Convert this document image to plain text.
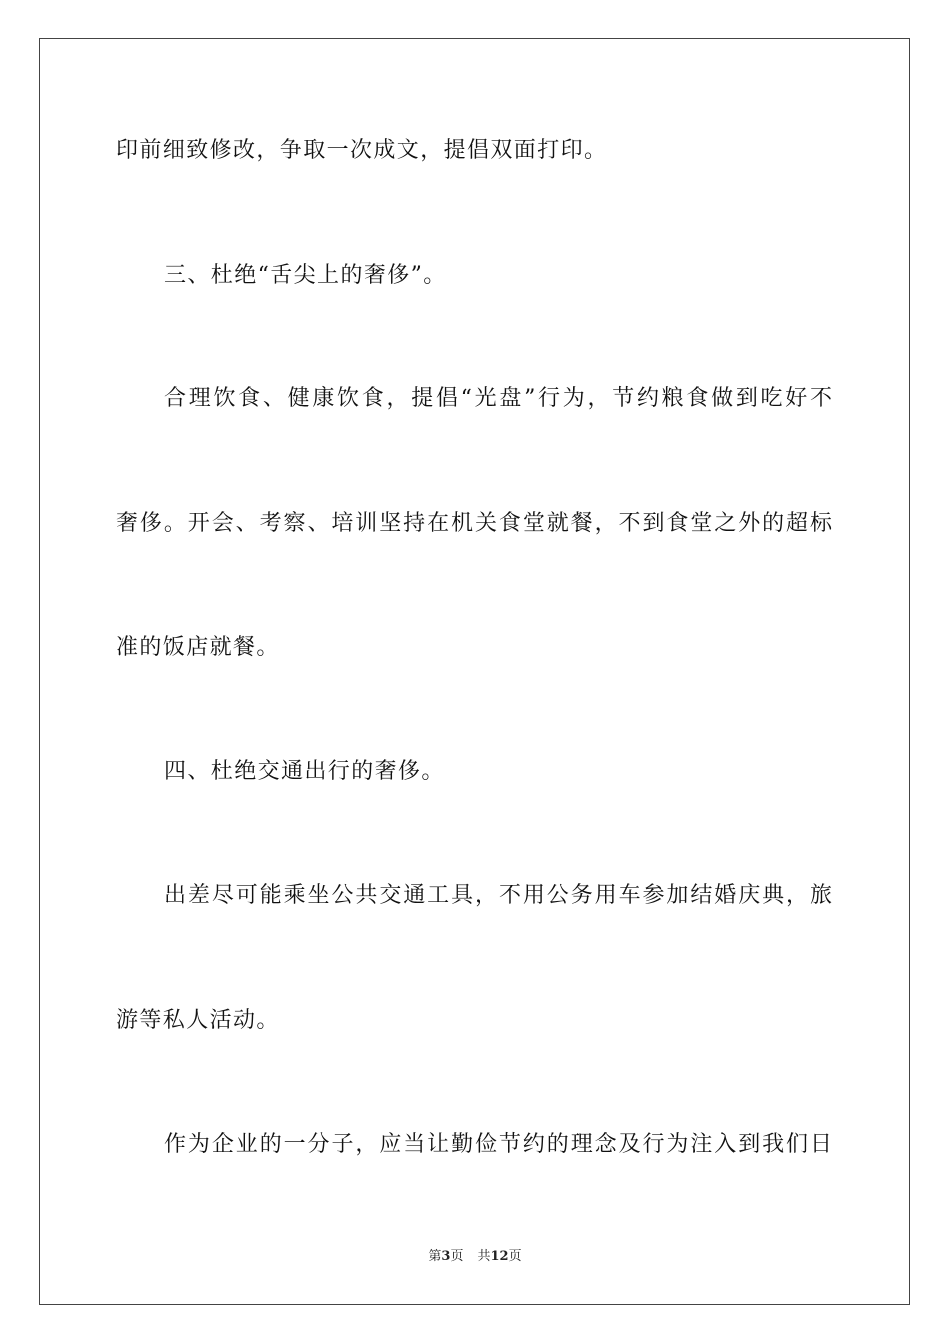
印前细致修改，争取一次成文，提倡双面打印。
三、杜绝“舌尖上的奢侈”。
合理饮食、健康饮食，提倡“光盘”行为，节约粮食做到吃好不
奢侈。开会、考察、培训坚持在机关食堂就餐，不到食堂之外的超标
准的饭店就餐。
四、杜绝交通出行的奢侈。
出差尽可能乘坐公共交通工具，不用公务用车参加结婚庆典，旅
游等私人活动。
作为企业的一分子，应当让勤俭节约的理念及行为注入到我们日
第3页 共12页
